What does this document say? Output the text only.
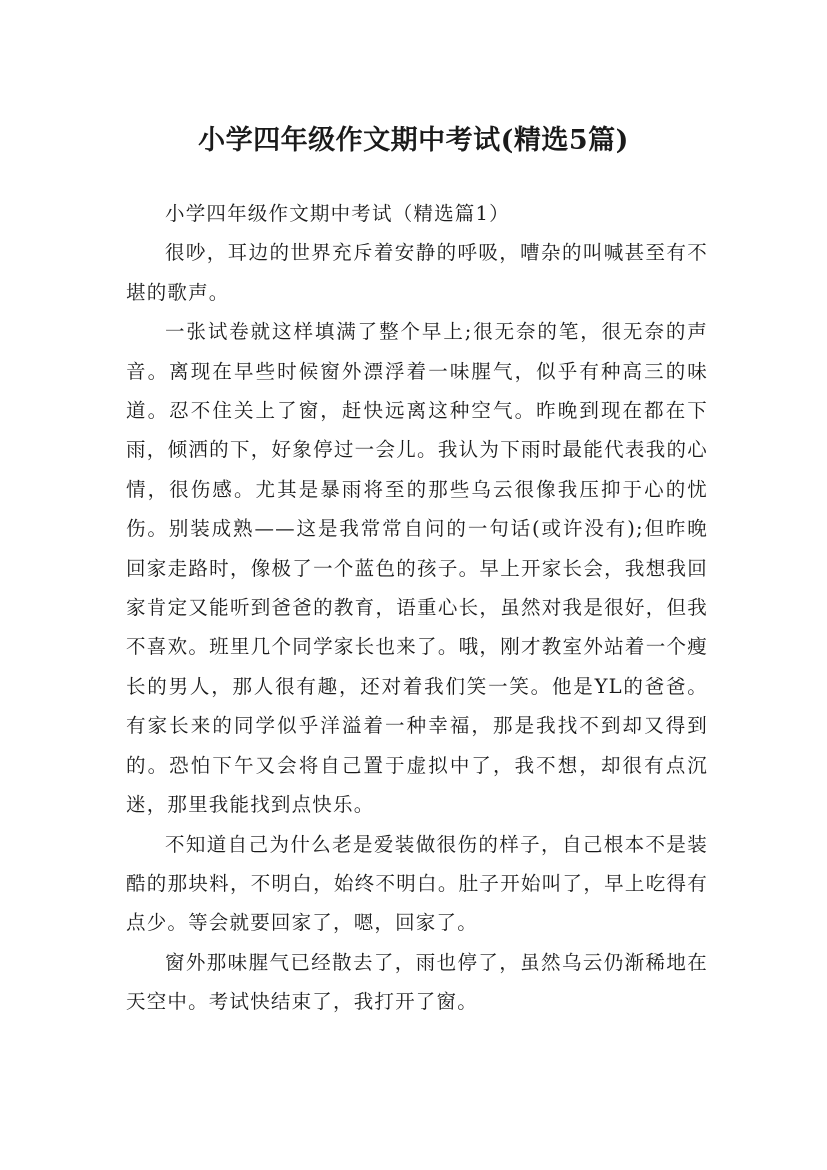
小学四年级作文期中考试(精选5篇)

小学四年级作文期中考试（精选篇1）

很吵，耳边的世界充斥着安静的呼吸，嘈杂的叫喊甚至有不堪的歌声。

一张试卷就这样填满了整个早上;很无奈的笔，很无奈的声音。离现在早些时候窗外漂浮着一味腥气，似乎有种高三的味道。忍不住关上了窗，赶快远离这种空气。昨晚到现在都在下雨，倾洒的下，好象停过一会儿。我认为下雨时最能代表我的心情，很伤感。尤其是暴雨将至的那些乌云很像我压抑于心的忧伤。别装成熟——这是我常常自问的一句话(或许没有);但昨晚回家走路时，像极了一个蓝色的孩子。早上开家长会，我想我回家肯定又能听到爸爸的教育，语重心长，虽然对我是很好，但我不喜欢。班里几个同学家长也来了。哦，刚才教室外站着一个瘦长的男人，那人很有趣，还对着我们笑一笑。他是YL的爸爸。有家长来的同学似乎洋溢着一种幸福，那是我找不到却又得到的。恐怕下午又会将自己置于虚拟中了，我不想，却很有点沉迷，那里我能找到点快乐。

不知道自己为什么老是爱装做很伤的样子，自己根本不是装酷的那块料，不明白，始终不明白。肚子开始叫了，早上吃得有点少。等会就要回家了，嗯，回家了。

窗外那味腥气已经散去了，雨也停了，虽然乌云仍渐稀地在天空中。考试快结束了，我打开了窗。
